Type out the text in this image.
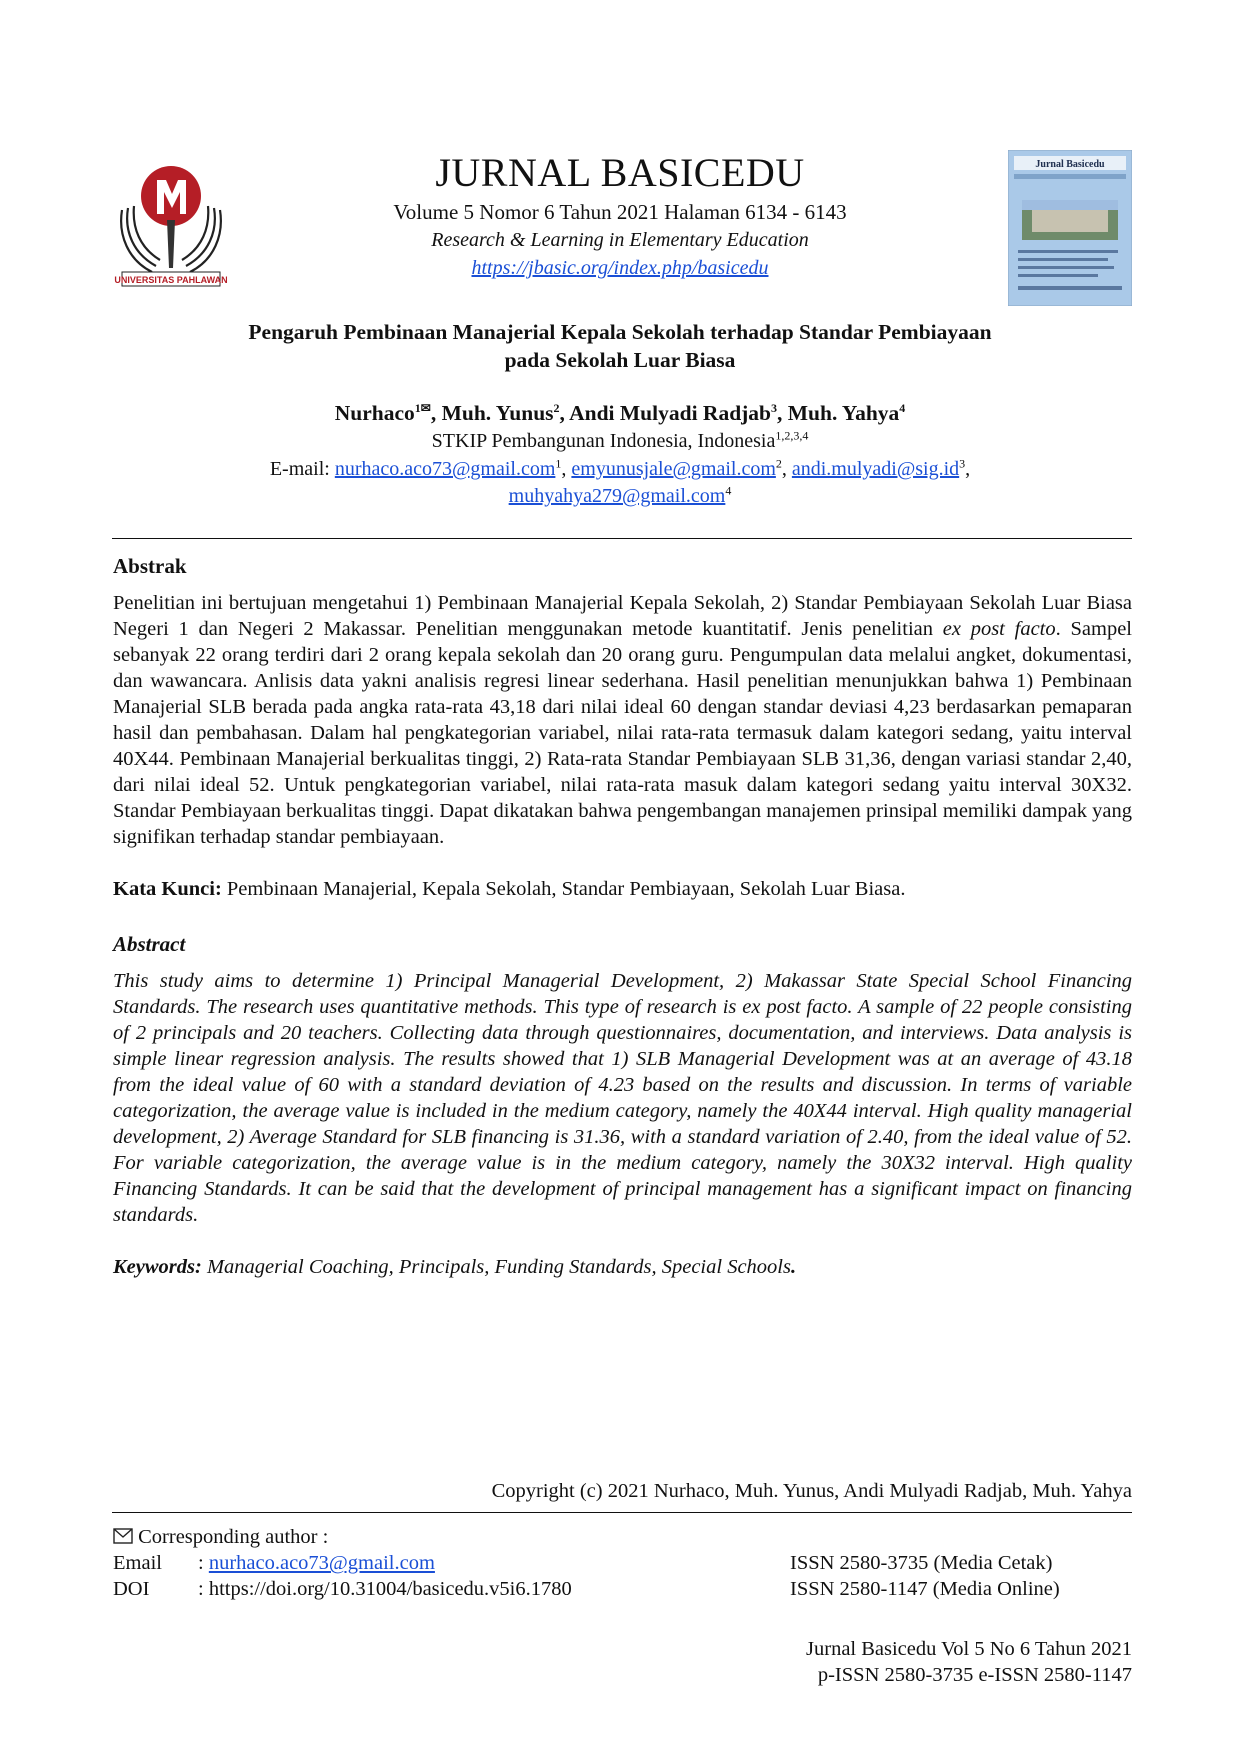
UNIVERSITAS PAHLAWAN
JURNAL BASICEDU
Volume 5 Nomor 6 Tahun 2021 Halaman 6134 - 6143
Research & Learning in Elementary Education
https://jbasic.org/index.php/basicedu
Jurnal Basicedu
Pengaruh Pembinaan Manajerial Kepala Sekolah terhadap Standar Pembiayaan
pada Sekolah Luar Biasa
Nurhaco$^{1✉}$, Muh. Yunus$^2$, Andi Mulyadi Radjab$^3$, Muh. Yahya$^4$
STKIP Pembangunan Indonesia, Indonesia$^{1,2,3,4}$
E-mail: nurhaco.aco73@gmail.com$^1$, emyunusjale@gmail.com$^2$, $andi.mulyadi@sig.id^3$,
muhyahya279@gmail.com$^4$
Abstrak
Penelitian ini bertujuan mengetahui 1) Pembinaan Manajerial Kepala Sekolah, 2) Standar Pembiayaan Sekolah Luar Biasa Negeri 1 dan Negeri 2 Makassar. Penelitian menggunakan metode kuantitatif. Jenis penelitian ex post facto. Sampel sebanyak 22 orang terdiri dari 2 orang kepala sekolah dan 20 orang guru. Pengumpulan data melalui angket, dokumentasi, dan wawancara. Anlisis data yakni analisis regresi linear sederhana. Hasil penelitian menunjukkan bahwa 1) Pembinaan Manajerial SLB berada pada angka rata-rata 43,18 dari nilai ideal 60 dengan standar deviasi 4,23 berdasarkan pemaparan hasil dan pembahasan. Dalam hal pengkategorian variabel, nilai rata-rata termasuk dalam kategori sedang, yaitu interval 40X44. Pembinaan Manajerial berkualitas tinggi, 2) Rata-rata Standar Pembiayaan SLB 31,36, dengan variasi standar 2,40, dari nilai ideal 52. Untuk pengkategorian variabel, nilai rata-rata masuk dalam kategori sedang yaitu interval 30X32. Standar Pembiayaan berkualitas tinggi. Dapat dikatakan bahwa pengembangan manajemen prinsipal memiliki dampak yang signifikan terhadap standar pembiayaan.
Kata Kunci: Pembinaan Manajerial, Kepala Sekolah, Standar Pembiayaan, Sekolah Luar Biasa.
Abstract
This study aims to determine 1) Principal Managerial Development, 2) Makassar State Special School Financing Standards. The research uses quantitative methods. This type of research is ex post facto. A sample of 22 people consisting of 2 principals and 20 teachers. Collecting data through questionnaires, documentation, and interviews. Data analysis is simple linear regression analysis. The results showed that 1) SLB Managerial Development was at an average of 43.18 from the ideal value of 60 with a standard deviation of 4.23 based on the results and discussion. In terms of variable categorization, the average value is included in the medium category, namely the 40X44 interval. High quality managerial development, 2) Average Standard for SLB financing is 31.36, with a standard variation of 2.40, from the ideal value of 52. For variable categorization, the average value is in the medium category, namely the 30X32 interval. High quality Financing Standards. It can be said that the development of principal management has a significant impact on financing standards.
Keywords: Managerial Coaching, Principals, Funding Standards, Special Schools.
Copyright (c) 2021 Nurhaco, Muh. Yunus, Andi Mulyadi Radjab, Muh. Yahya
Corresponding author :
Email : nurhaco.aco73@gmail.com
DOI : https://doi.org/10.31004/basicedu.v5i6.1780
ISSN 2580-3735 (Media Cetak)
ISSN 2580-1147 (Media Online)
Jurnal Basicedu Vol 5 No 6 Tahun 2021
p-ISSN 2580-3735 e-ISSN 2580-1147
